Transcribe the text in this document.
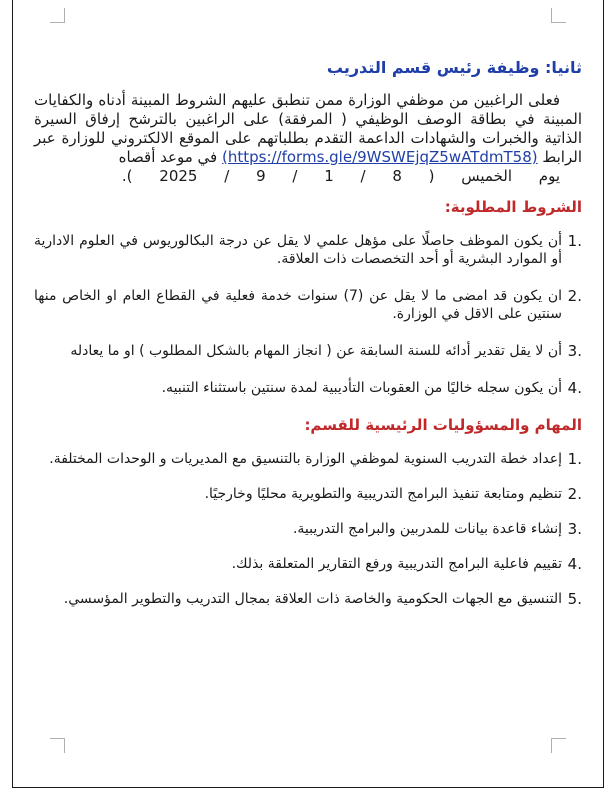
ثانيا: وظيفة رئيس قسم التدريب

فعلى الراغبين من موظفي الوزارة ممن تنطبق عليهم الشروط المبينة أدناه والكفايات المبينة في بطاقة الوصف الوظيفي ( المرفقة) على الراغبين بالترشح إرفاق السيرة الذاتية والخبرات والشهادات الداعمة التقدم بطلباتهم على الموقع الالكتروني للوزارة عبر الرابط (https://forms.gle/9WSWEjqZ5wATdmT58) في موعد أقصاه
يوم الخميس ( 8 / 1 / 9 / 2025 ).

الشروط المطلوبة:
.1
أن يكون الموظف حاصلًا على مؤهل علمي لا يقل عن درجة البكالوريوس في العلوم الادارية أو الموارد البشرية أو أحد التخصصات ذات العلاقة.
.2
ان يكون قد امضى ما لا يقل عن (7) سنوات خدمة فعلية في القطاع العام او الخاص منها سنتين على الاقل في الوزارة.
.3
أن لا يقل تقدير أدائه للسنة السابقة عن ( انجاز المهام بالشكل المطلوب ) او ما يعادله
.4
أن يكون سجله خاليًا من العقوبات التأديبية لمدة سنتين باستثناء التنبيه.
المهام والمسؤوليات الرئيسية للقسم:
.1
إعداد خطة التدريب السنوية لموظفي الوزارة بالتنسيق مع المديريات و الوحدات المختلفة.
.2
تنظيم ومتابعة تنفيذ البرامج التدريبية والتطويرية محليًا وخارجيًا.
.3
إنشاء قاعدة بيانات للمدربين والبرامج التدريبية.
.4
تقييم فاعلية البرامج التدريبية ورفع التقارير المتعلقة بذلك.
.5
التنسيق مع الجهات الحكومية والخاصة ذات العلاقة بمجال التدريب والتطوير المؤسسي.
